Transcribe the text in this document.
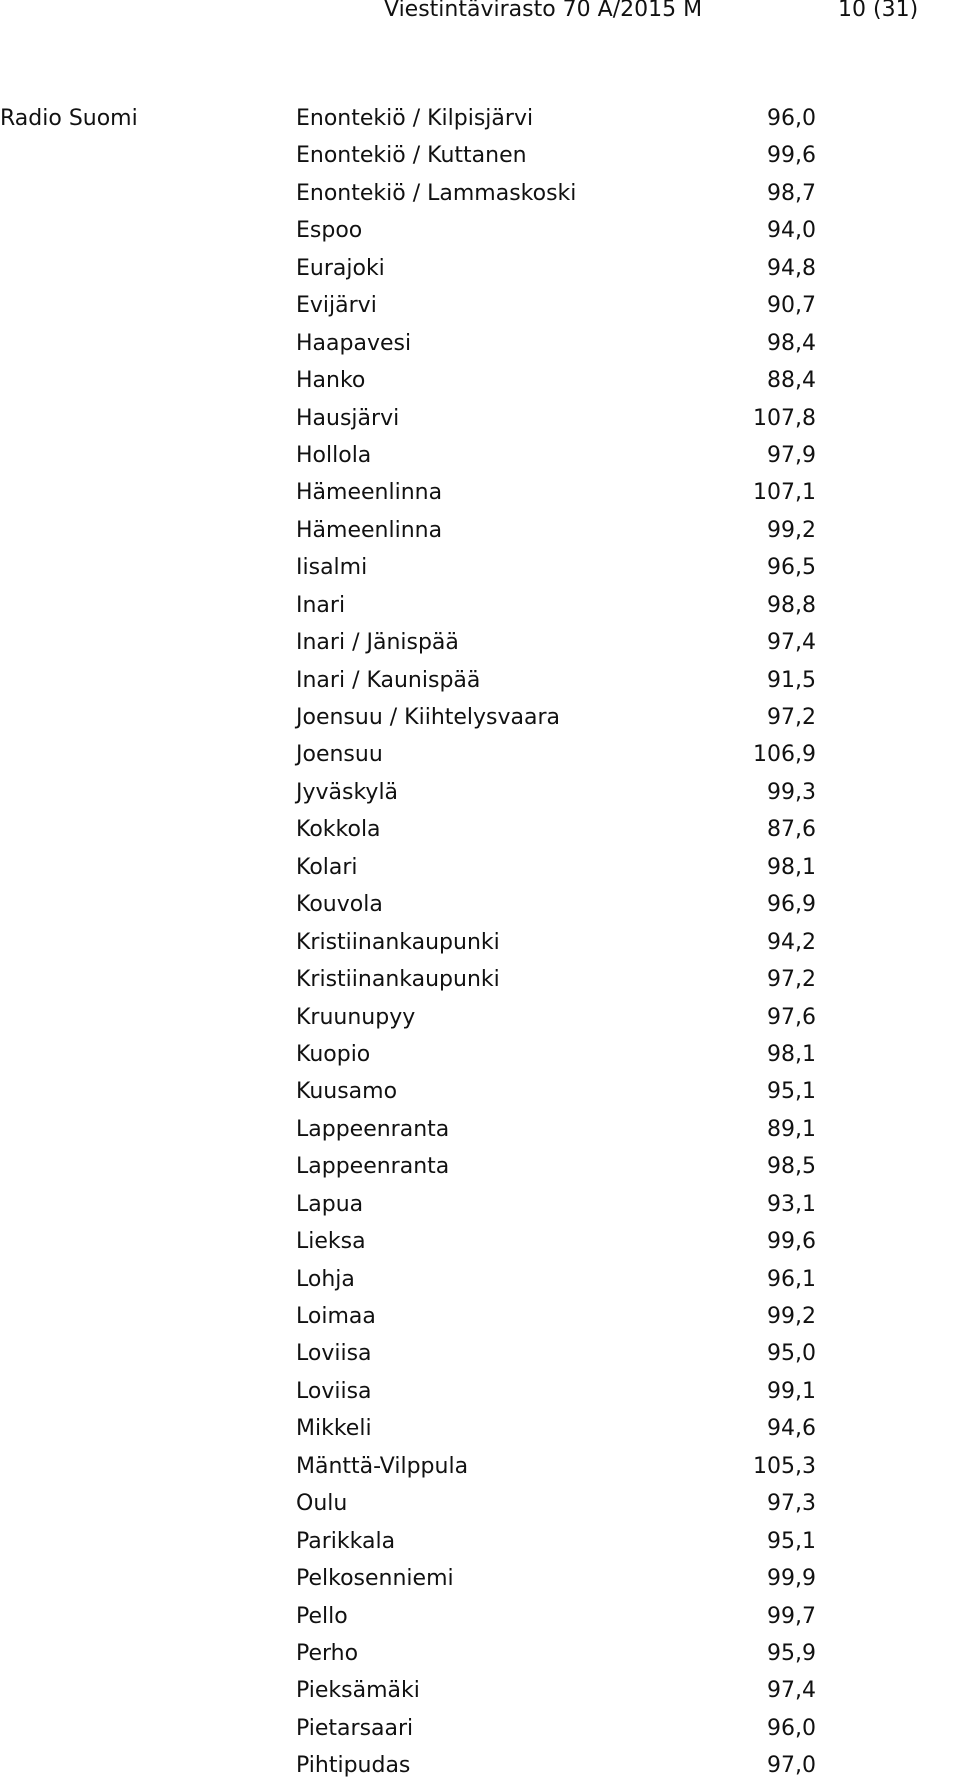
Viestintävirasto 70 A/2015 M	10 (31)
Radio Suomi	Enontekiö / Kilpisjärvi	96,0
Enontekiö / Kuttanen	99,6
Enontekiö / Lammaskoski	98,7
Espoo	94,0
Eurajoki	94,8
Evijärvi	90,7
Haapavesi	98,4
Hanko	88,4
Hausjärvi	107,8
Hollola	97,9
Hämeenlinna	107,1
Hämeenlinna	99,2
Iisalmi	96,5
Inari	98,8
Inari / Jänispää	97,4
Inari / Kaunispää	91,5
Joensuu / Kiihtelysvaara	97,2
Joensuu	106,9
Jyväskylä	99,3
Kokkola	87,6
Kolari	98,1
Kouvola	96,9
Kristiinankaupunki	94,2
Kristiinankaupunki	97,2
Kruunupyy	97,6
Kuopio	98,1
Kuusamo	95,1
Lappeenranta	89,1
Lappeenranta	98,5
Lapua	93,1
Lieksa	99,6
Lohja	96,1
Loimaa	99,2
Loviisa	95,0
Loviisa	99,1
Mikkeli	94,6
Mänttä-Vilppula	105,3
Oulu	97,3
Parikkala	95,1
Pelkosenniemi	99,9
Pello	99,7
Perho	95,9
Pieksämäki	97,4
Pietarsaari	96,0
Pihtipudas	97,0
